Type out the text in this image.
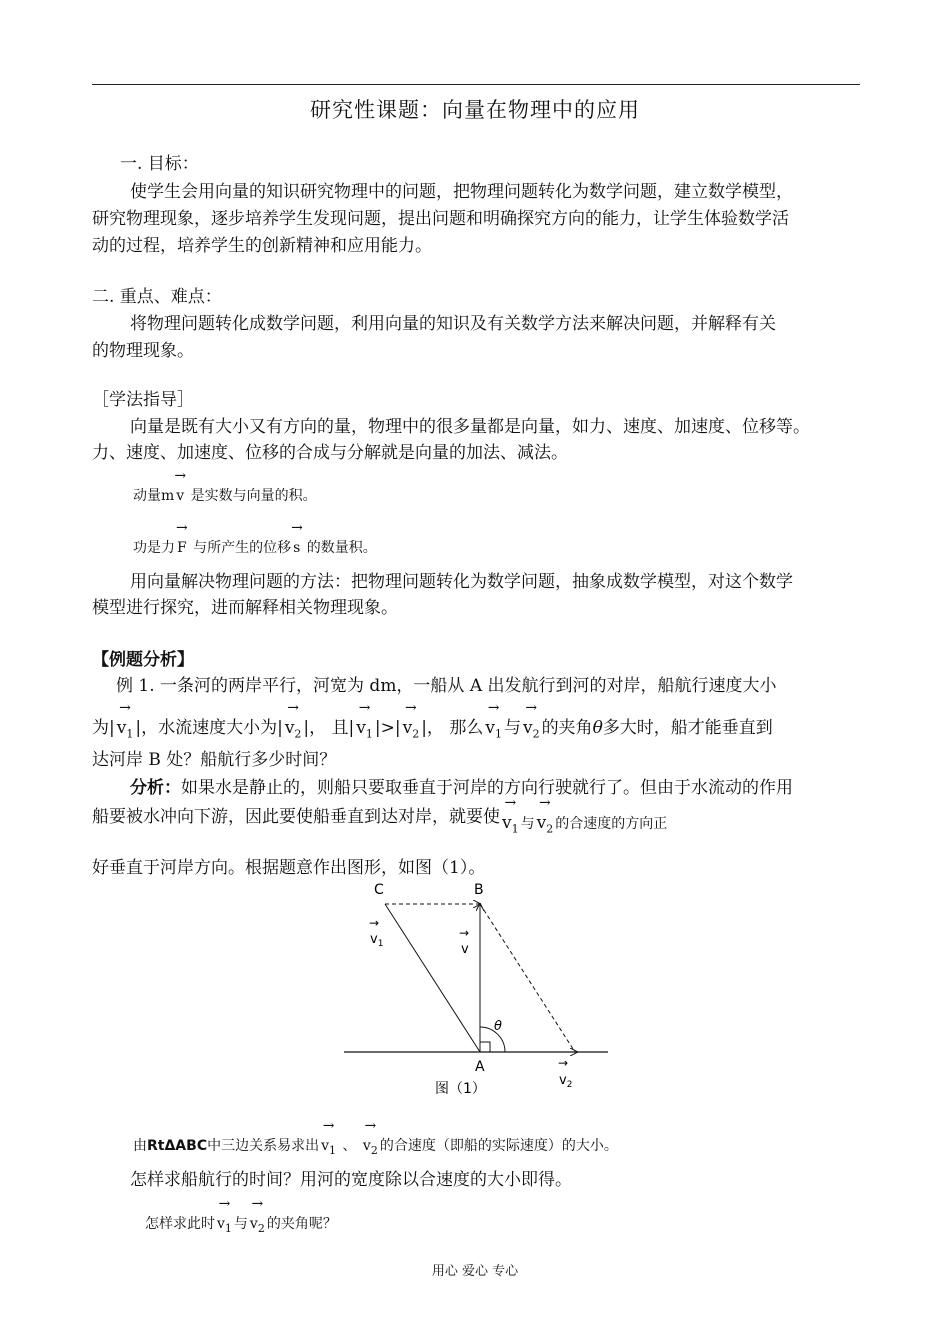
研究性课题：向量在物理中的应用
一. 目标：
使学生会用向量的知识研究物理中的问题，把物理问题转化为数学问题，建立数学模型，
研究物理现象，逐步培养学生发现问题，提出问题和明确探究方向的能力，让学生体验数学活
动的过程，培养学生的创新精神和应用能力。
二. 重点、难点：
将物理问题转化成数学问题，利用向量的知识及有关数学方法来解决问题，并解释有关
的物理现象。
［学法指导］
向量是既有大小又有方向的量，物理中的很多量都是向量，如力、速度、加速度、位移等。
力、速度、加速度、位移的合成与分解就是向量的加法、减法。
动量m → v 是实数与向量的积。
功是力 → F 与所产生的位移 → s 的数量积。
用向量解决物理问题的方法：把物理问题转化为数学问题，抽象成数学模型，对这个数学
模型进行探究，进而解释相关物理现象。
【例题分析】
例 1. 一条河的两岸平行，河宽为 dm，一船从 A 出发航行到河的对岸，船航行速度大小
为| → $v_1$ |，水流速度大小为| → $v_2$ |， 且| → $v_1$ |>| → $v_2$ |， 那么 → $v_1$ 与 → $v_2$ 的夹角θ多大时，船才能垂直到
达河岸 B 处？船航行多少时间？
分析：如果水是静止的，则船只要取垂直于河岸的方向行驶就行了。但由于水流动的作用
船要被水冲向下游，因此要使船垂直到达对岸，就要使 → $v_1$ $_与 \to v_2$ $_{的合速度的方向正}$
好垂直于河岸方向。根据题意作出图形，如图（1）。
C	B
A
→
$v_1$
→
v
θ
→
$v_2$
图（1）
由RtΔABC中三边关系易求出 → $v_1$ 、 → $v_2$ 的合速度（即船的实际速度）的大小。
怎样求船航行的时间？用河的宽度除以合速度的大小即得。
怎样求此时 → $v_1$ 与 → $v_2$ 的夹角呢？
用心 爱心 专心
